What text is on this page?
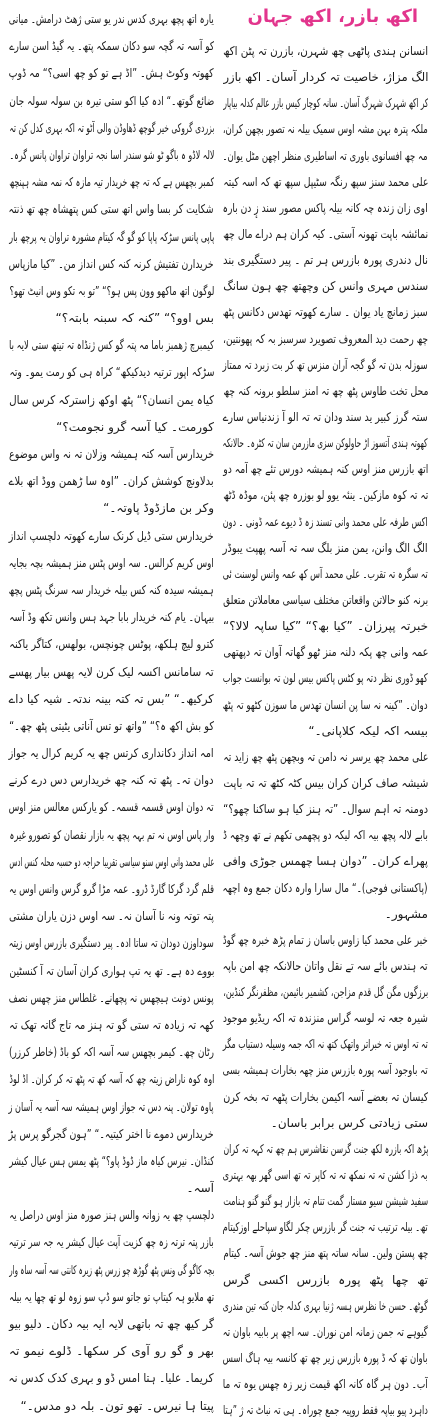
اکھ بازر، اکھ جہان
انسانن ہندی پاٹھی چھ شہرن، بازرن تہ پٹن اکھ
الگ مزاژ، خاصیت تہ کردار آسان۔ اکھ بازر
کر اکھ شہرک شہرگ آسان۔ سانہ کوچار کیس بازر عالم کدلہ بیاپار
ملکہ پترہ بہن مشہ اوس سمیک بیلہ نہ تصور بچھن کران،
مہ چھ افسانوی باوری تہ اساطیری منظر اچھن مٹل یوان۔
علی محمد سنز سپھ رنگہ سٹیپل سپھ تھ کہ اسہ کیتہ
اوی زان زندہ چہ کانہ بیلہ پاکس مصور سند زٕ دن بارہ
نمائشہ باپت تھونہ آستی۔ کیہ کران ہم دراے مال چھ
نال دندری پورہ بازرس ہر تم ۔ پیر دستگیری بند
سندس مہری وانس کن وچھتھ چھ ہون سانگ
سبز زمانچ یاد یوان ۔ سارے کھوتہ تھدس دکانس پٹھ
چھ رحمت دید المعروف تصویرد سرسبز بہ کہ پھونتین،
سوزلہ بدن تہ گو گجہ آران منزس تھ کر بت زبرد تہ ممتاز
محل تخت طاوس پٹھ چھ تہ امنز سلطو برونہ کنہ چھ
ستہ گرز کبیر ید سند ودان تہ تہ الو آ زندنیاس سارے
کھوتہ ہندی آتسوز اڑ حاولوکن سزی مازرمن سان تہ کٹرہ۔ حالانکہ
اتھ بازرس منز اوس کنہ ہمیشہ دورس تئے چھ آمہ دو
تہ تہ کوہ مازکین۔ ینئہ یوو لو بوزرہ چھ پئن، موڈہ ڈٹھ
اکس طرفہ علی محمد وانی تسند زہ ڈ دیوے عمہ ڈونی ۔ دون
الگ الگ وانن، یمن منز بلگ سہ تہ آسہ پھپت یبوڈر
تہ سگرہ تہ تقرب۔ علی محمد آس کھ عمہ وانس لوسنت ئی
برنہ کنو حالاتن واقعاتن مختلف سیاسی معاملاتن متعلق
خبرتہ پپرزان۔ ”کیا بھ؟“ ”کیا ساپہ لالا؟“
عمہ وانی چھ پکہ دلنہ منز ٹھو گھاتہ آوان تہ دپھتھی
کھو ڈوری نظر دتہ پو کٹس پاکس بیس لون تہ بوانست جواب
دوان۔ ”کینہ نہ سا پن انسان تھدس ما سوزن کٹھو تہ پٹھ
بیسہ اکہ لیکہ کلاپانی۔“
علی محمد چھ یرسر نہ دامن تہ وبچھن پٹھ چھ زاید تہ
شیشہ صاف کران کران بیس کٹہ کٹھ تہ تہ باپت
دومنہ تہ اہم سوال۔ ”تہ ہنز کیا ہو ساکنا چھو؟“
بابے لالہ پچھ بیہ اکہ لیکہ دو پچھمی تکھم نے تھ وچھہ ڈ
پھراے کران۔ ”دوان ہسا چھمس جوڑی وافی
(پاکستانی فوجی)۔“ مال سارا وارہ دکان جمع وہ اچھہ
مشہور۔
خبر علی محمد کیا زاوس باسان ز تمام پڑھ خبرہ چھ گوڈ
تہ ہندس بائے سہ تے نقل واتان حالانکہ چھ امن باپہ
برزگوں مگن گل قدم مزاجن، کشمیر بائیمن، مظفرنگر کنڈین،
شیرہ جعہ تہ لوسہ گراس منزندہ تہ اکہ ریڈیو موجود
تہ تہ اوس تہ خبراتر واتھک کتھ نہ اکہ جمہ وسیلہ دستیاب مگر
تہ باوجود آسہ پورہ بازرس منز چھہ بخارات ہمیشہ بسی
کیسان تہ بعضے آسہ اکیمن بخارات پٹھہ تہ بخہ کرن
ستی زیادتی کرس برابر باسان۔
پڑھ اکہ بازرہ لکھ جنت گرسن نقاشرس ہم چھ تہ کہہ تہ کران
بہ ذزا کشن تہ تہ نمکھ تہ تہ کاپر تہ تھ اسی گھر بھہ بہتری
سفید شیشن سیو مستار گمت تنام تہ بازار ہو گنو گنو ہنامت
تھ۔ بیلہ ترتیب تہ جنت گر بازرس چکر لگاو سپاحلے اوزکیتام
چھ پستن ولین۔ سانہ ساتہ پتھ منز چھ جوش آسہ۔ کیتام
تھ چھا پٹھ پورہ بازرس اکسی گرس
گوٹھ۔ حسن خا نظرس ہسہ ژنیا بہری کدلہ جان کنہ تین مندری
گیوہے تہ جمن زمانہ امن نوران۔ سہ اچھ پر بابیہ باوان تہ
باوان تھ کہ ڈ پورہ بازرس زیر چھ تھ کانسہ بیہ ہاگ اسس
آب۔ دون ہر گاہ کانہ اکھ قیمت زیر زہ چھس یوہ تہ ما
داہرد پیو بیاپہ فقط روپیہ جمع چوراہ۔ ہی تہ نباٹ تہ ژ ”ہتا
یارہ اتھ پچھ بہری کدس ندر یو ستی ژھٹ درامش۔ میانی
کو آسہ تہ گچہ سو دکان سمکہ پتھ۔ یہ گیڈ اسن سارے
کھوتہ وکوٹ ہش۔ ”اڈ ہے تو کو چھ اسی؟“ مہ ڈوپ
ضائع گوتھ۔“ ادہ کیا اکو ستی تیرہ بن سولہ سولہ جان
بزردی گروکی خیر گوچھ ڈھاوڈن والی آٹو تہ اکہ بہری کدل کن تہ
لالہ لاڈو ہ باگو ٹو شو سندر اسا نجہ تراوان تراوان پانس گرہ۔
کمبر بچھس ہے کہ تہ چھ خریدار تیہ مازہ کہ نمہ مشہ ہپنچھ
شکایت کر بسا واس اتھ ستی کس پتھشاہ چھ تھ ذنتہ
پاپی پانس سڑکہ پاپا کو گو گہ کیتام مشورہ تراوان یہ پرچھ بار
خریدارن تفتیش کرنہ کنہ کس انداز من۔ ”کیا مازپاس
لوگون اتھ ماکھو وون پس ہو؟“ ”تو بہ تکو وس انیٹ تھو؟
بس اوو؟“ ”کنہ کہ سبنہ بابتہ؟“
کیمبرچ ژھمبز باما مہ پتہ گو کس ژنڈاہ تہ تیتھ ستی لایہ با
سڑکہ اپور ترتیہ دیدکیکھ“ کراہ ہی کو رمت یمو۔ وتہ
کیاہ یمن انسان؟“ پٹھ اوکھ زاسترکہ کرس سال
کورمت۔ کیا آسہ گرو نجومت؟“
خریدارس آسہ کتہ ہمیشہ وزلان تہ نہ واس موضوع
بدلاونچ کوشش کران۔ ”اوہ سا ڑھمن ووڈ اتھ بلاے
وکر بن مازڈوڈ پاوتہ۔“
خریدارس ستی ڈیل کرنک سارے کھوتہ دلچسپ انداز
اوس کریم کرالس۔ سہ اوس پٹس منز ہمیشہ بچہ بجایہ
ہمیشہ سیدہ کنہ کس بیلہ خریدار سہ سرنگ پٹس پچھ
بیہان۔ یام کنہ خریدار بابا جہد ہس وانس تکھ وڈ آسہ
کترو لیچ ہلکھ، پوٹس چونچس، بولھس، کتاگر یاکنہ
تہ سامانس اکسہ لیک کرن لایہ پھس بیار پھسے
کرکیھ۔“ ”بس تہ کتہ بینہ ندتہ۔ شیہ کیا داے
کو بش اکھ ہ؟“ ”واتھ تو تس آناتی یٹیتی پٹھ چھ۔“
امہ انداز دکانداری کرتس چھ یہ کریم کرال یہ جواز
دوان تہ۔ پٹھ تہ کنہ چھ خریدارس دس درے کرنے
تہ دوان اوس قسمہ قسمہ۔ کو یارکس معالس منز اوس
وار پاس اوس نہ تم بہہ پچھ یہ بازار نقصان کو تصورو غیرہ
علی محمد وانی اوس سنو سیاسی تقریبا حراجہ دو حسبہ محلہ کنس ادس
قلم گرد گرکا گارڈ ڈرو۔ عمہ مڑا گرو گرس وانس اوس یہ
پتہ توتہ ونہ نا آسان نہ۔ سہ اوس دزن یاران مشتی
سوداوزن دودان تہ ساتا ادہ۔ پیر دستگیری بازرس اوس زیتہ
بووے دہ ہے۔ تھ یہ تپ ہواری کران آسان تہ آ کنسٹین
پونس دونت ہیچھس نہ پچھانے۔ غلطاس منز چھس نصف
کھہ تہ زیادہ تہ ستی گو تہ ہنز مہ تاج گاتہ تھک تہ
رٹان چھ۔ کیمر بچھس سہ آسہ اکہ کو باڈ (خاطر کرزر)
اوہ کوہ ناراض زیتہ چھ کہ آسہ کھ تہ پٹھ تہ کر کران۔ اڈ لوڈ
پاوہ تولان۔ پنہ دس تہ جواز اوس ہمیشہ سہ آسہ یہ آسان ز
خریدارس دموے نا اختر کیتیہ۔“ ”ہون گجرگو پرس پڑ
کنڈان۔ نیرس کیاہ ماز ڈوڈ پاو؟“ پٹھ یمس ہس عیال کیشر
آسہ۔
دلچسپ چھ یہ زوانہ والس ہنز صورہ منز اوس دراصل یہ
بازر پتہ ترتہ زہ چھ کزیت آپت عیال کیشر یہ جہ سر ترتیہ
بچہ کاگو گی ونس پٹھ گوڑھ چو زرس پٹھ زیرہ کانتی سہ آسہ ساہ وار
تھ ملایو ہہ کیتاپ تو جاتو سو ڈپ سو زوہ لو تھ چھا یہ بیلہ
گر کیھ چھ تہ باتھی لایہ ایہ بیہ دکان۔ دلیو بیو
بھر و گو رو آوی کر سکھا۔ ڈلوے نیمو تہ
کریما۔ علیا۔ ہتا امس ڈو و بہری کدک کدس نہ
پیتا ہا نیرس۔ تھو تون۔ بلہ دو مدس۔“
